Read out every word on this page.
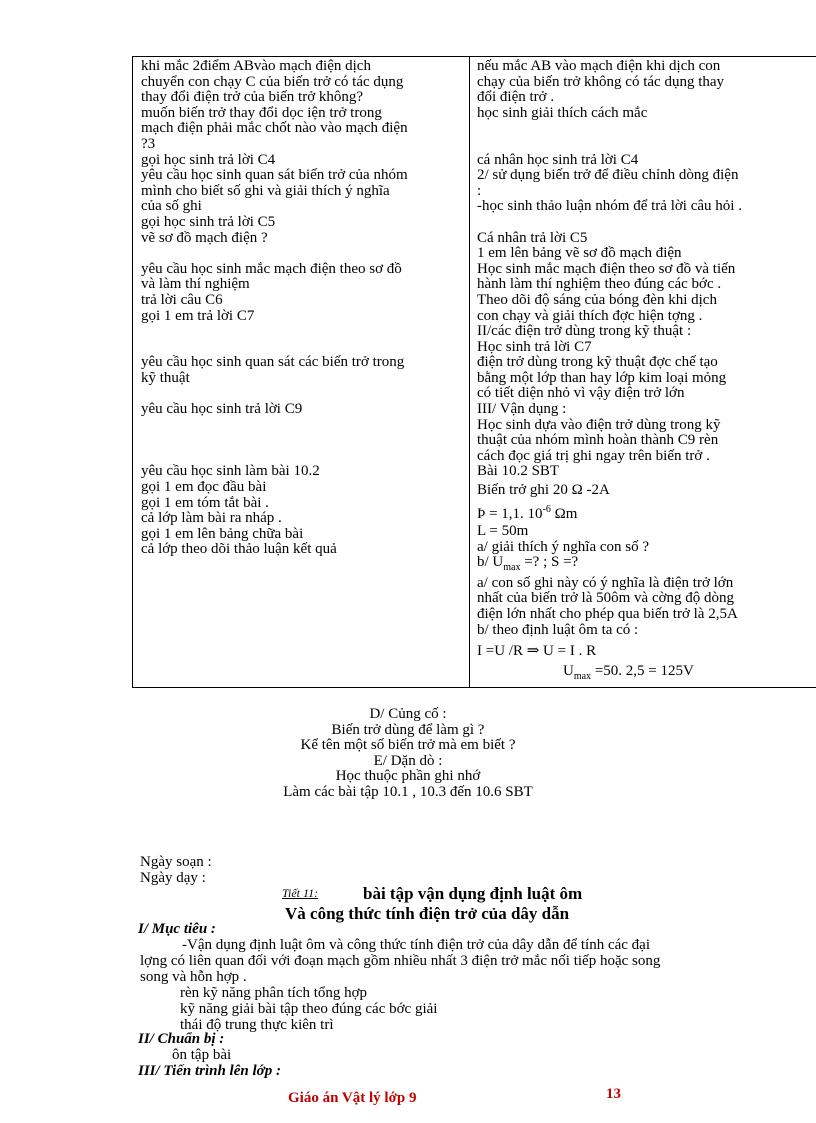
khi mắc 2điểm ABvào mạch điện dịch
chuyển con chạy C của biến trở có tác dụng
thay đổi điện trở của biến trở không?
muốn biến trở thay đổi dọc iện trở trong
mạch điện phải mắc chốt nào vào mạch điện
?3
gọi học sinh trả lời C4
yêu cầu học sinh quan sát biến trở của nhóm
mình cho biết số ghi và giải thích ý nghĩa
của số ghi
gọi học sinh trả lời C5
vẽ sơ đồ mạch điện ?
yêu cầu học sinh mắc mạch điện theo sơ đồ
và làm thí nghiệm
trả lời câu C6
gọi 1 em trả lời C7
yêu cầu học sinh quan sát các biến trở trong
kỹ thuật
yêu cầu học sinh trả lời C9
yêu cầu học sinh làm bài 10.2
gọi 1 em đọc đầu bài
gọi 1 em tóm tắt bài .
cả lớp làm bài ra nháp .
gọi 1 em lên bảng chữa bài
cả lớp theo dõi thảo luận kết quả
nếu mắc AB vào mạch điện khi dịch con
chạy của biến trở không có tác dụng thay
đổi điện trở .
học sinh giải thích cách mắc
cá nhân học sinh trả lời C4
2/ sử dụng biến trở để điều chỉnh dòng điện
:
-học sinh thảo luận nhóm để trả lời câu hỏi .
Cá nhân trả lời C5
1 em lên bảng vẽ sơ đồ mạch điện
Học sinh mắc mạch điện theo sơ đồ và tiến
hành làm thí nghiệm theo đúng các bớc .
Theo dõi độ sáng của bóng đèn khi dịch
con chạy và giải thích đợc hiện tợng .
II/các điện trở dùng trong kỹ thuật :
Học sinh trả lời C7
điện trở dùng trong kỹ thuật đợc chế tạo
bằng một lớp than hay lớp kim loại mỏng
có tiết diện nhỏ vì vậy điện trở lớn
III/ Vận dụng :
Học sinh dựa vào điện trở dùng trong kỹ
thuật của nhóm mình hoàn thành C9 rèn
cách đọc giá trị ghi ngay trên biến trở .
Bài 10.2 SBT
Biến trở ghi 20 Ω -2A
Þ = 1,1. $10^{-6}$ Ωm
L = 50m
a/ giải thích ý nghĩa con số ?
b/ $U_{max}$ =? ; S =?
a/ con số ghi này có ý nghĩa là điện trở lớn
nhất của biến trở là 50ôm và cờng độ dòng
điện lớn nhất cho phép qua biến trở là 2,5A
b/ theo định luật ôm ta có :
I =U /R ⇒ U = I . R
$U_{max} =50$. 2,5 = 125V
D/ Củng cố :
Biến trở dùng để làm gì ?
Kể tên một số biến trở mà em biết ?
E/ Dặn dò :
Học thuộc phần ghi nhớ
Làm các bài tập 10.1 , 10.3 đến 10.6 SBT
Ngày soạn :
Ngày dạy :
Tiết 11:	bài tập vận dụng định luật ôm
Và công thức tính điện trở của dây dẫn
I/ Mục tiêu :
-Vận dụng định luật ôm và công thức tính điện trở của dây dẫn để tính các đại
lợng có liên quan đối với đoạn mạch gồm nhiều nhất 3 điện trở mắc nối tiếp hoặc song
song và hỗn hợp .
rèn kỹ năng phân tích tổng hợp
kỹ năng giải bài tập theo đúng các bớc giải
thái độ trung thực kiên trì
II/ Chuẩn bị :
ôn tập bài
III/ Tiến trình lên lớp :
Giáo án Vật lý lớp 9	13
